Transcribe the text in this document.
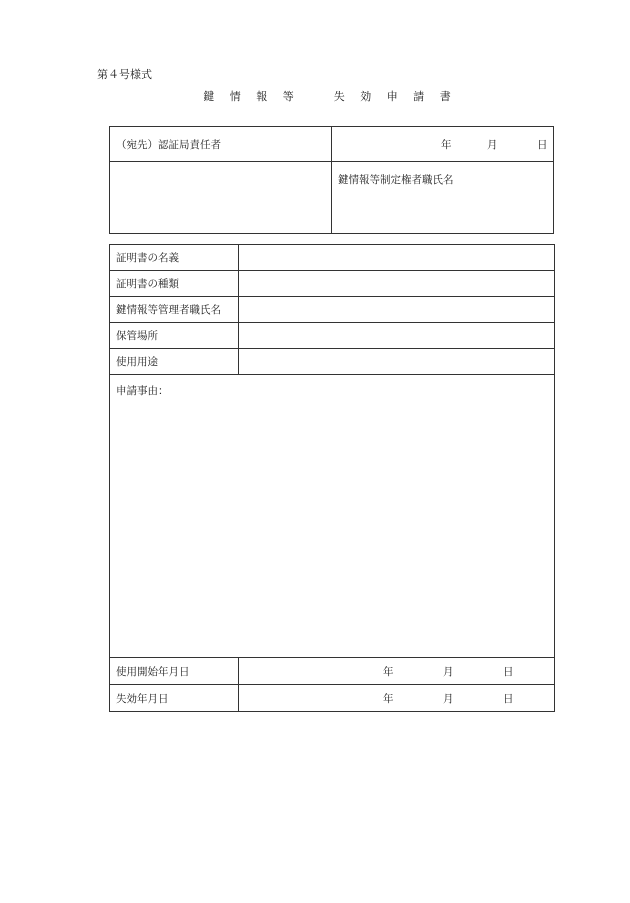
第４号様式
鍵 情 報 等　　失 効 申 請 書
（宛先）認証局責任者	年 月 日

	鍵情報等制定権者職氏名
証明書の名義	
証明書の種類	
鍵情報等管理者職氏名	
保管場所	
使用用途	
申請事由：	
使用開始年月日	年 月 日

失効年月日	年 月 日
